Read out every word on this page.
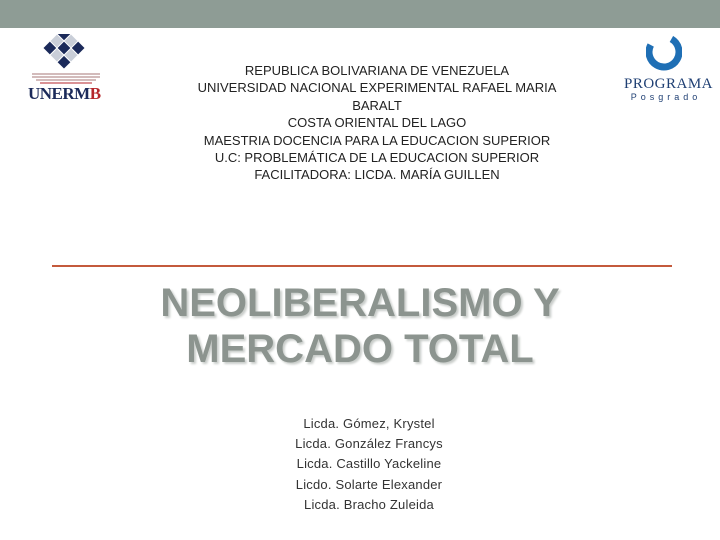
UNERMB	PROGRAMA
Posgrado
REPUBLICA BOLIVARIANA DE VENEZUELA
UNIVERSIDAD NACIONAL EXPERIMENTAL RAFAEL MARIA
BARALT
COSTA ORIENTAL DEL LAGO
MAESTRIA DOCENCIA PARA LA EDUCACION SUPERIOR
U.C: PROBLEMÁTICA DE LA EDUCACION SUPERIOR
FACILITADORA: LICDA. MARÍA GUILLEN
NEOLIBERALISMO Y
MERCADO TOTAL
Licda. Gómez, Krystel
Licda. González Francys
Licda. Castillo Yackeline
Licdo. Solarte Elexander
Licda. Bracho Zuleida
